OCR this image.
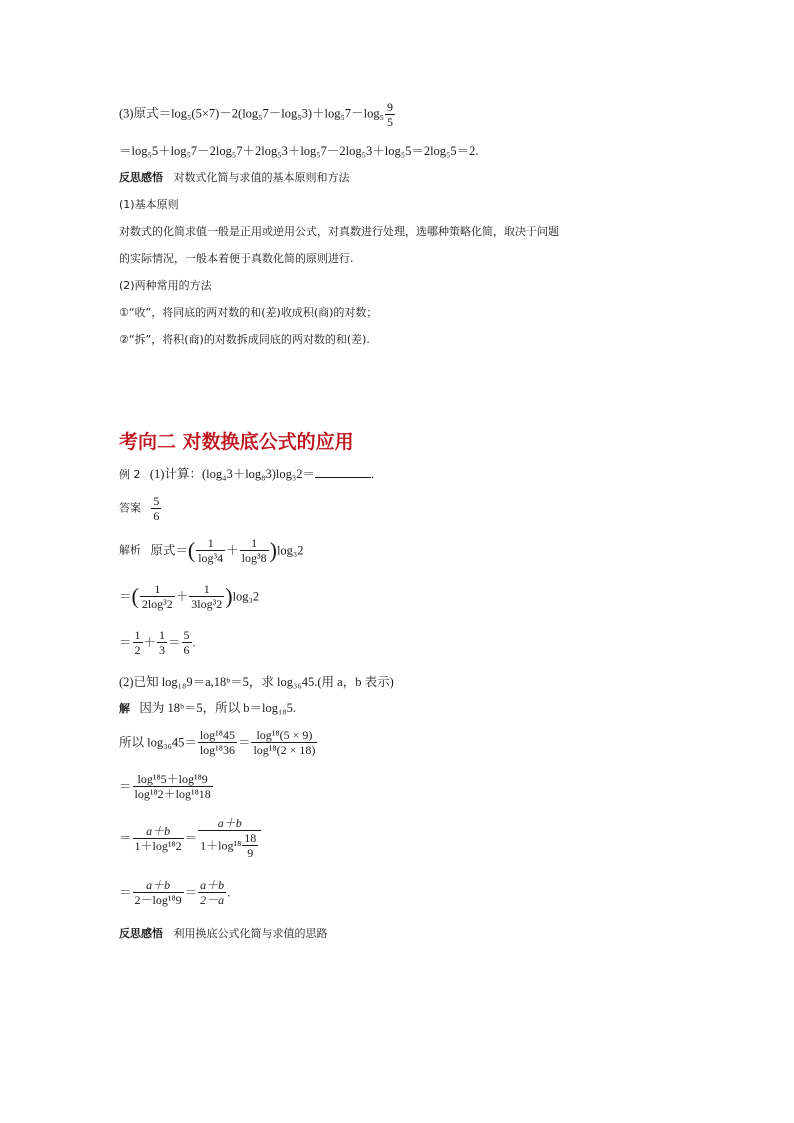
(3)原式$=\log_5(5\times 7)-2(\log_57-\log_53)+\log_57-\log_5 \frac{9}{5}$
＝log₅5＋log₅7－2log₅7＋2log₅3＋log₅7－2log₅3＋log₅5＝2log₅5＝2.
反思感悟 对数式化简与求值的基本原则和方法
(1)基本原则
对数式的化简求值一般是正用或逆用公式，对真数进行处理，选哪种策略化简，取决于问题
的实际情况，一般本着便于真数化简的原则进行.
(2)两种常用的方法
①“收”，将同底的两对数的和(差)收成积(商)的对数；
②“拆”，将积(商)的对数拆成同底的两对数的和(差).
考向二 对数换底公式的应用
例 2 (1)计算：(log₄3＋log₈3)log₃2＝	.
答案 $\frac{5}{6}$
解析 原式＝( $\frac{1}{\text{log³4}} + \frac{1}{\text{log³8}} )\log_32$
＝( $\frac{1}{\text{2log³2}} + \frac{1}{\text{3log³2}} )\log_32$
＝ $\frac{1}{2} + \frac{1}{3} = \frac{5}{6}$ .
(2)已知 log₁₈9＝a,18ᵇ＝5，求 log₃₆45.(用 a，b 表示)
解 因为 18ᵇ＝5，所以 b＝log₁₈5.
所以 $\log_{36}45= \frac{\text{log¹⁸45}}{\text{log¹⁸36}} = \frac{\text{log¹⁸(5 × 9)}}{\text{log¹⁸(2 × 18)}}$
＝ $\frac{\text{log¹⁸5＋log¹⁸9}}{\text{log¹⁸2＋log¹⁸18}}$
＝ $\frac{a+b}{\text{1＋log¹⁸2}} = \frac{a+b}{1+\log^{18} \frac{18}{9}}$
＝ $\frac{a+b}{\text{2－log¹⁸9}} = \frac{a+b}{2-a}$ .
反思感悟 利用换底公式化简与求值的思路
